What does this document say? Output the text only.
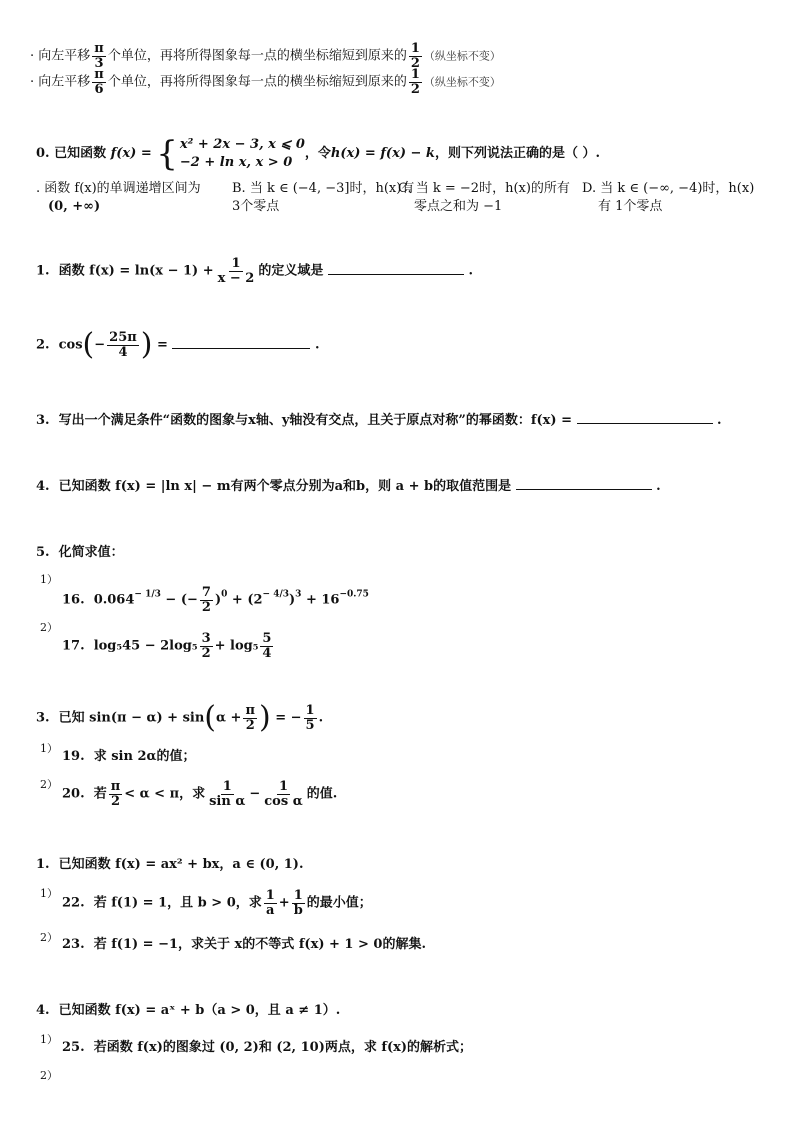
· 向左平移 $\frac{\pi}{3}$ 个单位，再将所得图象每一点的横坐标缩短到原来的 $\frac{1}{2}$ （纵坐标不变）
· 向左平移 $\frac{\pi}{6}$ 个单位，再将所得图象每一点的横坐标缩短到原来的 $\frac{1}{2}$ （纵坐标不变）
0. 已知函数 f(x) = { x² + 2x − 3, x ⩽ 0
−2 + ln x, x > 0
，令h(x) = f(x) − k，则下列说法正确的是（ ）.
. 函数 f(x)的单调递增区间为
(0, +∞)
B. 当 k ∈ (−4, −3]时，h(x)有
3个零点
C. 当 k = −2时，h(x)的所有
零点之和为 −1
D. 当 k ∈ (−∞, −4)时，h(x)
有 1个零点
1. 函数 $f(x) = \ln(x - 1) + \frac{1}{x - 2}$ 的定义域是	.
2. $\cos(- \frac{25\pi}{4}$ ) =	.
3. 写出一个满足条件“函数的图象与x轴、y轴没有交点，且关于原点对称”的幂函数：f(x) =	.
4. 已知函数 f(x) = |ln x| − m有两个零点分别为a和b，则 a + b的取值范围是	.
5. 化简求值：
1）
16. $0.064^{- 1/3}$ − (− $\frac{7}{2} )^0 + (2^{- 4/3})^3 + 16^{-0.75}$
2）
17. $\log_545 - 2\log_5 \frac{3}{2} + \log_5 \frac{5}{4}$
3. 已知 $\sin(\pi - \alpha) + \sin(\alpha + \frac{\pi}{2}$ ) = − $\frac{1}{5}$ .
1）
19. 求 sin 2α的值；
2）
20. 若 $\frac{\pi}{2} < \alpha < \pi$，求 $\frac{1}{\text{sin α}} - \frac{1}{\text{cos α}}$ 的值.
1. 已知函数 f(x) = ax² + bx，a ∈ (0, 1).
1）
22. 若 f(1) = 1，且 b > 0，求 $\frac{1}{a} + \frac{1}{b}$ 的最小值；
2） 23. 若 f(1) = −1，求关于 x的不等式 f(x) + 1 > 0的解集.
4. 已知函数 f(x) = aˣ + b（a > 0，且 a ≠ 1）.
1）
25. 若函数 f(x)的图象过 (0, 2)和 (2, 10)两点，求 f(x)的解析式；
2）
